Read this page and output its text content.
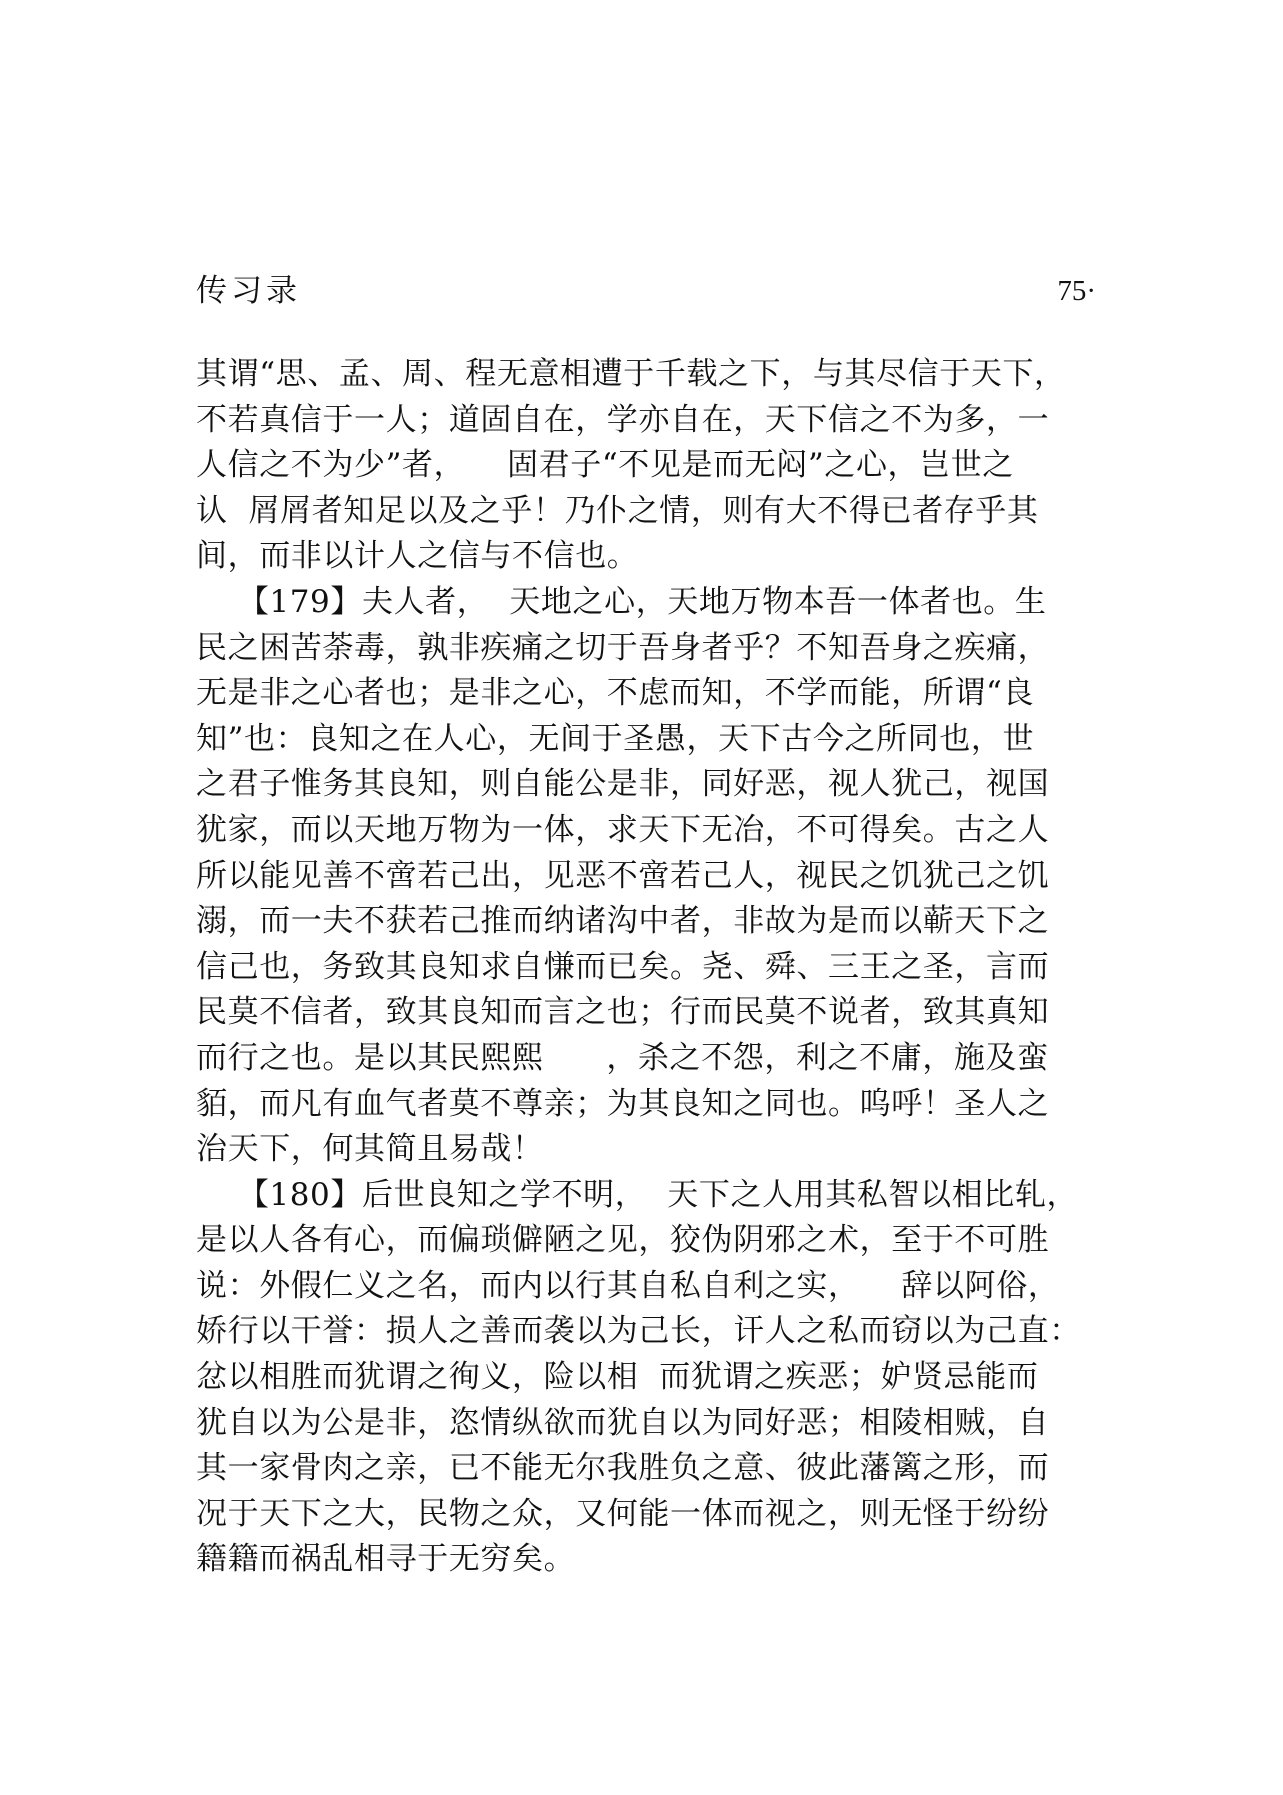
传习录	75·
其谓“思、孟、周、程无意相遭于千载之下，与其尽信于天下，
不若真信于一人；道固自在，学亦自在，天下信之不为多，一
人信之不为少”者，    固君子“不见是而无闷”之心，岂世之
认  屑屑者知足以及之乎！乃仆之情，则有大不得已者存乎其
间，而非以计人之信与不信也。
【179】夫人者，  天地之心，天地万物本吾一体者也。生
民之困苦荼毒，孰非疾痛之切于吾身者乎？不知吾身之疾痛，
无是非之心者也；是非之心，不虑而知，不学而能，所谓“良
知”也：良知之在人心，无间于圣愚，天下古今之所同也，世
之君子惟务其良知，则自能公是非，同好恶，视人犹己，视国
犹家，而以天地万物为一体，求天下无冶，不可得矣。古之人
所以能见善不啻若己出，见恶不啻若己人，视民之饥犹己之饥
溺，而一夫不获若己推而纳诸沟中者，非故为是而以蕲天下之
信己也，务致其良知求自慊而已矣。尧、舜、三王之圣，言而
民莫不信者，致其良知而言之也；行而民莫不说者，致其真知
而行之也。是以其民熙熙      ，杀之不怨，利之不庸，施及蛮
貊，而凡有血气者莫不尊亲；为其良知之同也。呜呼！圣人之
治天下，何其简且易哉！
【180】后世良知之学不明，  天下之人用其私智以相比轧，
是以人各有心，而偏琐僻陋之见，狡伪阴邪之术，至于不可胜
说：外假仁义之名，而内以行其自私自利之实，    辞以阿俗，
娇行以干誉：损人之善而袭以为己长，讦人之私而窃以为己直：
忿以相胜而犹谓之徇义，险以相  而犹谓之疾恶；妒贤忌能而
犹自以为公是非，恣情纵欲而犹自以为同好恶；相陵相贼，自
其一家骨肉之亲，已不能无尔我胜负之意、彼此藩篱之形，而
况于天下之大，民物之众，又何能一体而视之，则无怪于纷纷
籍籍而祸乱相寻于无穷矣。
